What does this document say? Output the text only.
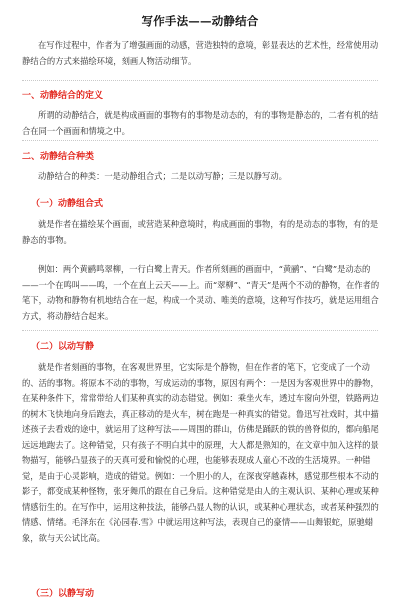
写作手法——动静结合

在写作过程中，作者为了增强画面的动感，营造独特的意境，彰显表达的艺术性，经常使用动静结合的方式来描绘环境，刻画人物活动细节。

一、动静结合的定义

所谓的动静结合，就是构成画面的事物有的事物是动态的，有的事物是静态的，二者有机的结合在同一个画面和情境之中。

二、动静结合种类

动静结合的种类：一是动静组合式；二是以动写静；三是以静写动。

（一）动静组合式

就是作者在描绘某个画面，或营造某种意境时，构成画面的事物，有的是动态的事物，有的是静态的事物。

例如：两个黄鹂鸣翠柳，一行白鹭上青天。作者所刻画的画面中，“黄鹂”、“白鹭”是动态的——一个在鸣叫——鸣，一个在直上云天——上。而“翠柳”、“青天”是两个不动的静物，在作者的笔下，动物和静物有机地结合在一起，构成一个灵动、唯美的意境，这种写作技巧，就是运用组合方式，将动静结合起来。

（二）以动写静

就是作者刻画的事物，在客观世界里，它实际是个静物，但在作者的笔下，它变成了一个动的、活的事物。将原本不动的事物，写成运动的事物，原因有两个：一是因为客观世界中的静物，在某种条件下，常常带给人们某种真实的动态错觉。例如：乘坐火车，透过车窗向外望，铁路两边的树木飞快地向身后跑去，真正移动的是火车，树在跑是一种真实的错觉。鲁迅写社戏时，其中描述孩子去看戏的途中，就运用了这种写法——周围的群山，仿佛是踊跃的铁的兽脊似的，都向船尾远远地跑去了。这种错觉，只有孩子不明白其中的原理，大人都是熟知的，在文章中加入这样的景物描写，能够凸显孩子的天真可爱和愉悦的心理，也能够表现成人童心不改的生活境界。一种错觉，是由于心灵影响，造成的错觉。例如：一个胆小的人，在深夜穿越森林，感觉那些根本不动的影子，都变成某种怪物，张牙舞爪的跟在自己身后。这种错觉是由人的主观认识、某种心理或某种情感衍生的。在写作中，运用这种技法，能够凸显人物的认识，或某种心理状态，或者某种强烈的情感、情绪。毛泽东在《沁园春.雪》中就运用这种写法，表现自己的豪情——山舞银蛇，原驰蜡象，欲与天公试比高。

（三）以静写动
